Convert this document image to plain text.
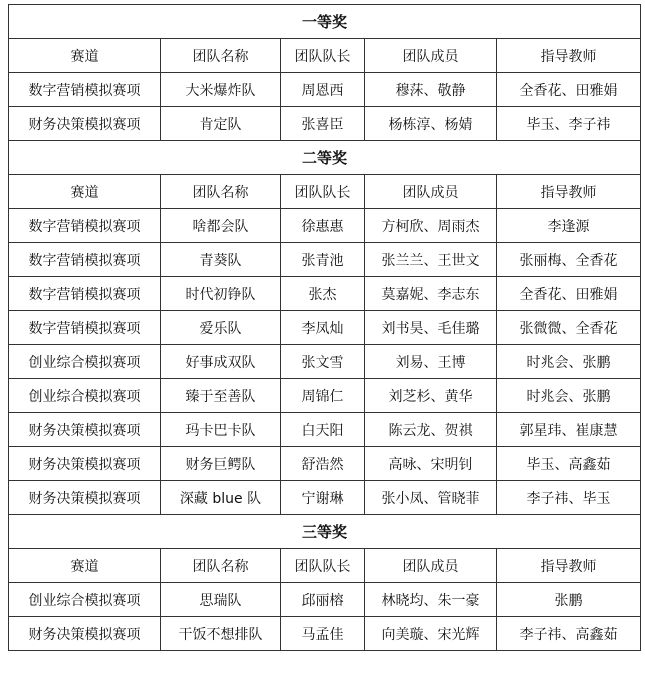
一等奖				
赛道	团队名称	团队队长	团队成员	指导教师
数字营销模拟赛项	大米爆炸队	周恩西	穆莯、敬静	全香花、田雅娟
财务决策模拟赛项	肯定队	张喜臣	杨栋淳、杨婧	毕玉、李子祎
二等奖				
赛道	团队名称	团队队长	团队成员	指导教师
数字营销模拟赛项	啥都会队	徐惠惠	方柯欣、周雨杰	李逢源
数字营销模拟赛项	青葵队	张青池	张兰兰、王世文	张丽梅、全香花
数字营销模拟赛项	时代初铮队	张杰	莫嘉妮、李志东	全香花、田雅娟
数字营销模拟赛项	爱乐队	李凤灿	刘书昊、毛佳璐	张微微、全香花
创业综合模拟赛项	好事成双队	张文雪	刘易、王博	时兆会、张鹏
创业综合模拟赛项	臻于至善队	周锦仁	刘芝杉、黄华	时兆会、张鹏
财务决策模拟赛项	玛卡巴卡队	白天阳	陈云龙、贺祺	郭星玮、崔康慧
财务决策模拟赛项	财务巨鳄队	舒浩然	高咏、宋明钊	毕玉、高鑫茹
财务决策模拟赛项	深藏 blue 队	宁谢琳	张小凤、管晓菲	李子祎、毕玉
三等奖				
赛道	团队名称	团队队长	团队成员	指导教师
创业综合模拟赛项	思瑞队	邱丽榕	林晓均、朱一豪	张鹏
财务决策模拟赛项	干饭不想排队	马孟佳	向美璇、宋光辉	李子祎、高鑫茹
